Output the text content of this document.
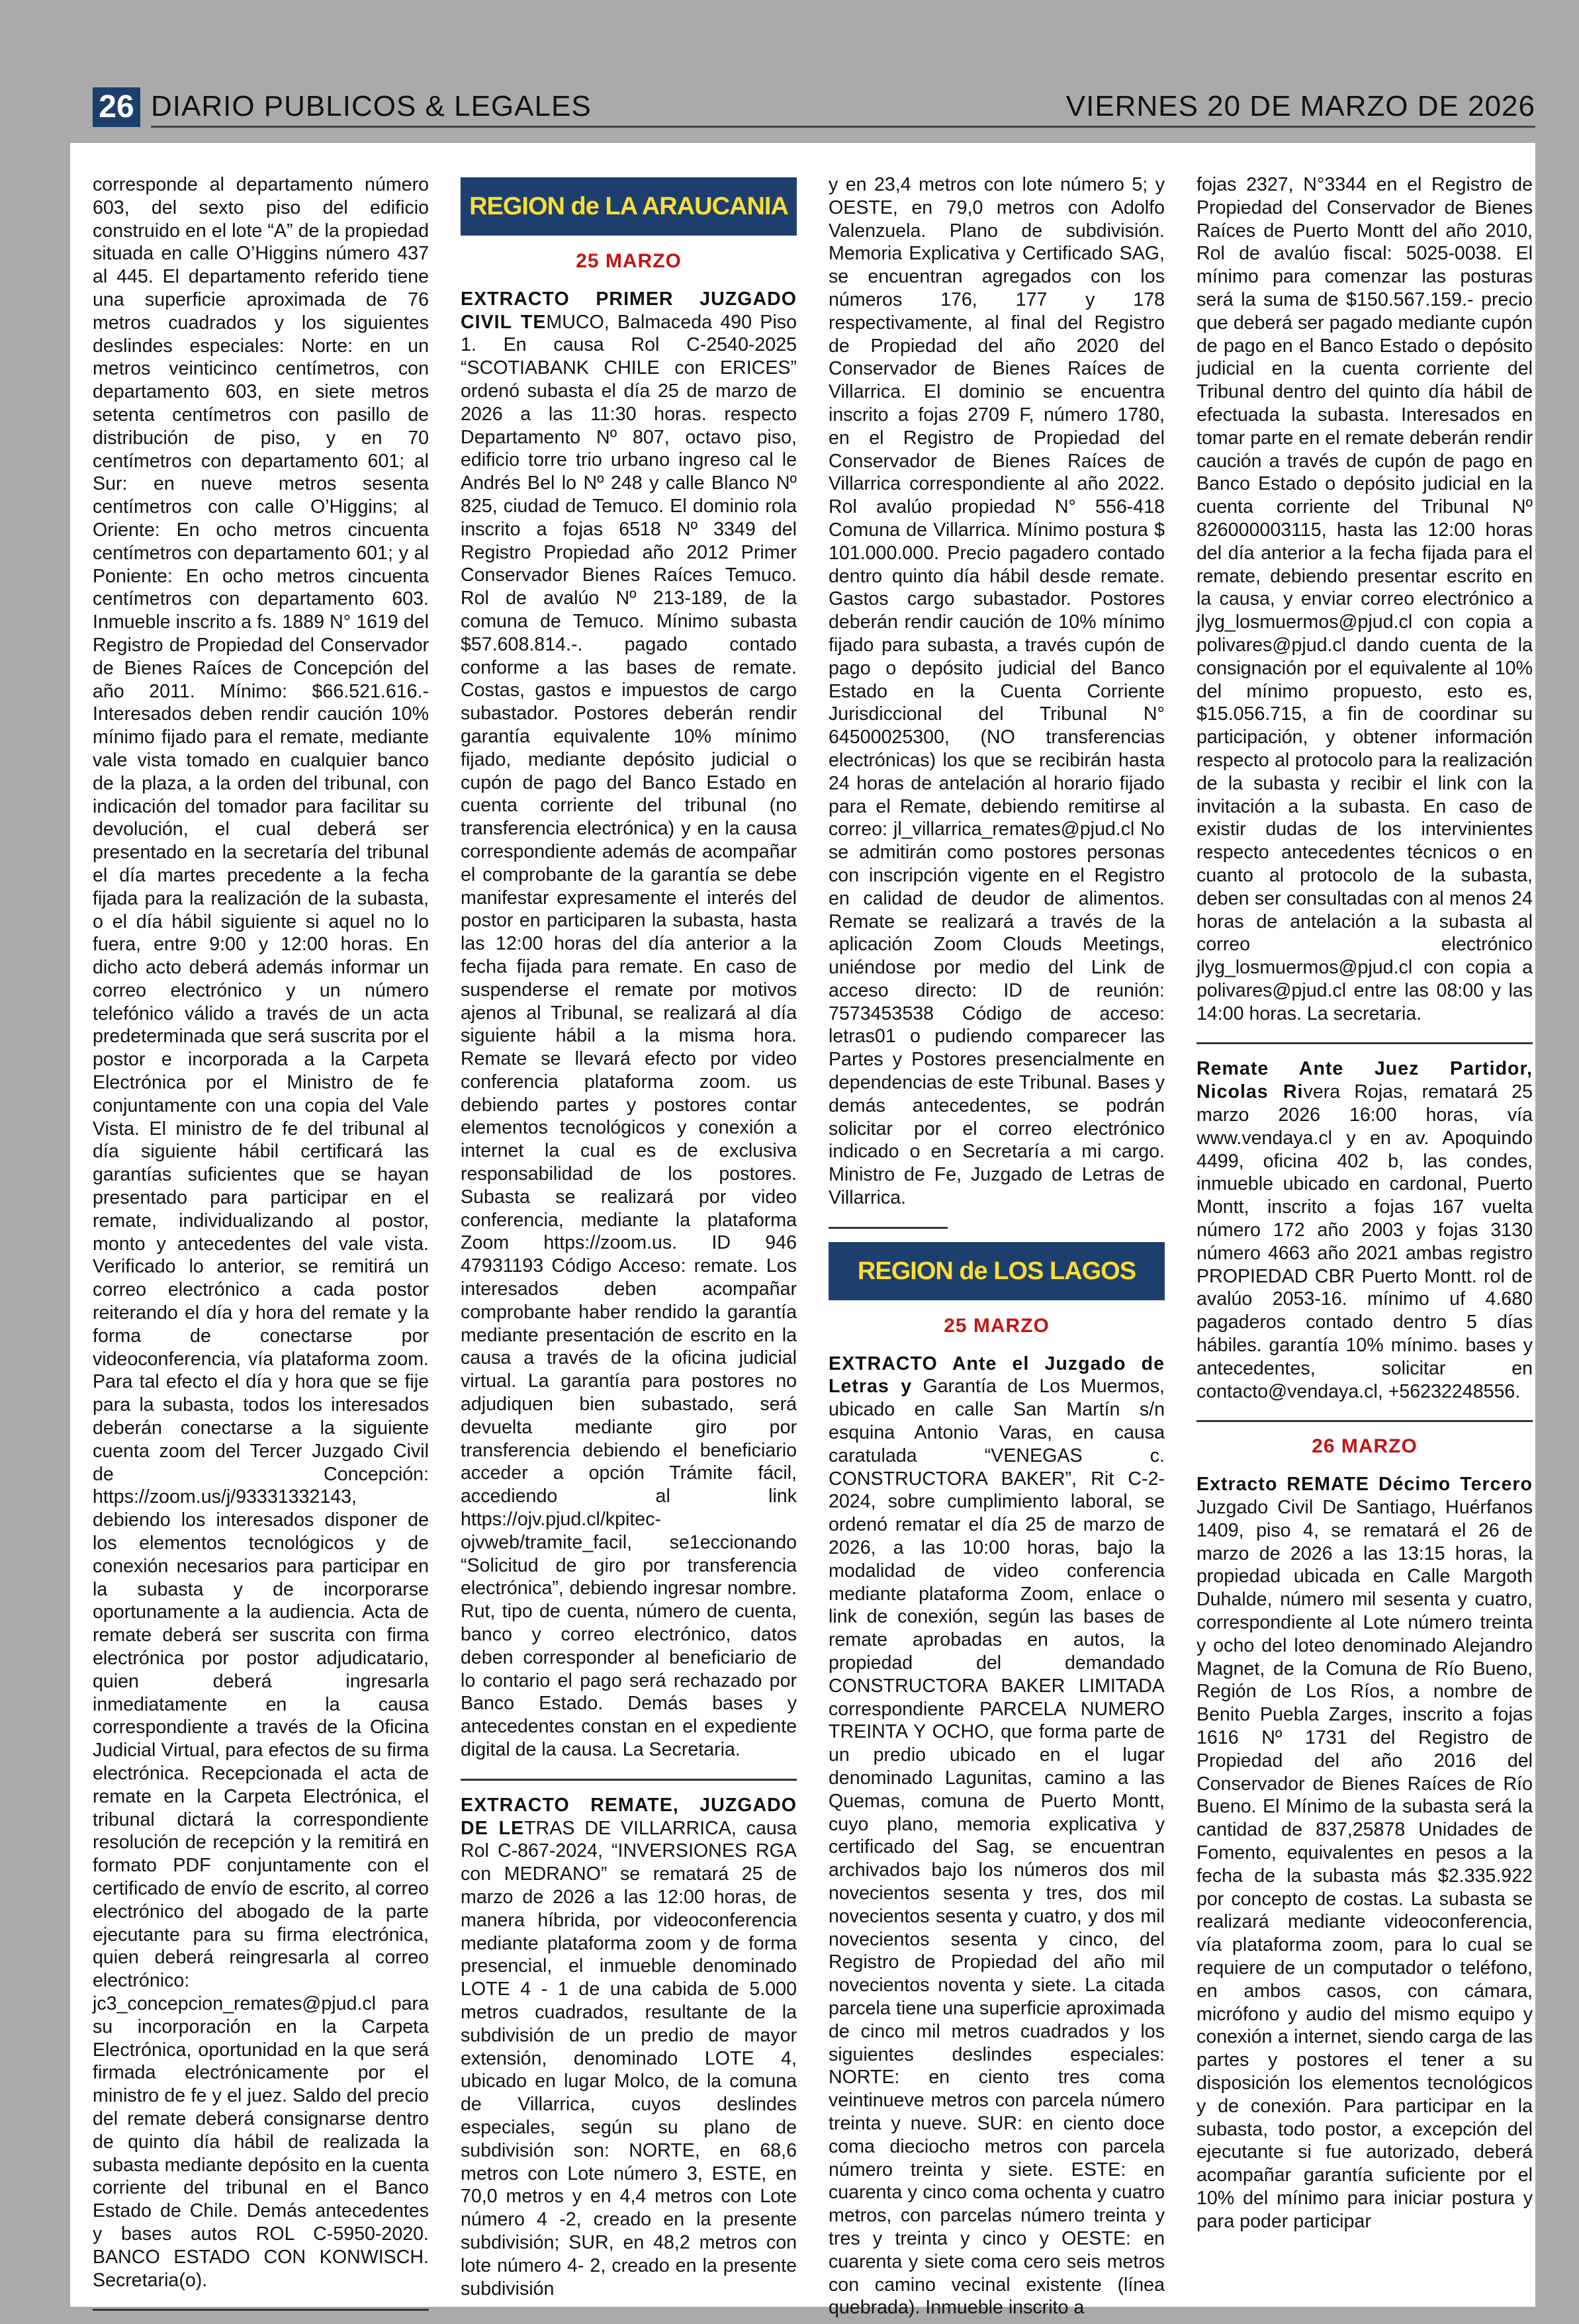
26 DIARIO PUBLICOS & LEGALES	VIERNES 20 DE MARZO DE 2026

corresponde al departamento número 603, del sexto piso del edificio construido en el lote “A” de la propiedad situada en calle O’Higgins número 437 al 445. El departamento referido tiene una superficie aproximada de 76 metros cuadrados y los siguientes deslindes especiales: Norte: en un metros veinticinco centímetros, con departamento 603, en siete metros setenta centímetros con pasillo de distribución de piso, y en 70 centímetros con departamento 601; al Sur: en nueve metros sesenta centímetros con calle O’Higgins; al Oriente: En ocho metros cincuenta centímetros con departamento 601; y al Poniente: En ocho metros cincuenta centímetros con departamento 603. Inmueble inscrito a fs. 1889 N° 1619 del Registro de Propiedad del Conservador de Bienes Raíces de Concepción del año 2011. Mínimo: $66.521.616.- Interesados deben rendir caución 10% mínimo fijado para el remate, mediante vale vista tomado en cualquier banco de la plaza, a la orden del tribunal, con indicación del tomador para facilitar su devolución, el cual deberá ser presentado en la secretaría del tribunal el día martes precedente a la fecha fijada para la realización de la subasta, o el día hábil siguiente si aquel no lo fuera, entre 9:00 y 12:00 horas. En dicho acto deberá además informar un correo electrónico y un número telefónico válido a través de un acta predeterminada que será suscrita por el postor e incorporada a la Carpeta Electrónica por el Ministro de fe conjuntamente con una copia del Vale Vista. El ministro de fe del tribunal al día siguiente hábil certificará las garantías suficientes que se hayan presentado para participar en el remate, individualizando al postor, monto y antecedentes del vale vista. Verificado lo anterior, se remitirá un correo electrónico a cada postor reiterando el día y hora del remate y la forma de conectarse por videoconferencia, vía plataforma zoom. Para tal efecto el día y hora que se fije para la subasta, todos los interesados deberán conectarse a la siguiente cuenta zoom del Tercer Juzgado Civil de Concepción: https://zoom.us/j/93331332143, debiendo los interesados disponer de los elementos tecnológicos y de conexión necesarios para participar en la subasta y de incorporarse oportunamente a la audiencia. Acta de remate deberá ser suscrita con firma electrónica por postor adjudicatario, quien deberá ingresarla inmediatamente en la causa correspondiente a través de la Oficina Judicial Virtual, para efectos de su firma electrónica. Recepcionada el acta de remate en la Carpeta Electrónica, el tribunal dictará la correspondiente resolución de recepción y la remitirá en formato PDF conjuntamente con el certificado de envío de escrito, al correo electrónico del abogado de la parte ejecutante para su firma electrónica, quien deberá reingresarla al correo electrónico: jc3_concepcion_remates@pjud.cl para su incorporación en la Carpeta Electrónica, oportunidad en la que será firmada electrónicamente por el ministro de fe y el juez. Saldo del precio del remate deberá consignarse dentro de quinto día hábil de realizada la subasta mediante depósito en la cuenta corriente del tribunal en el Banco Estado de Chile. Demás antecedentes y bases autos ROL C-5950-2020. BANCO ESTADO CON KONWISCH. Secretaria(o).

REGION de LA ARAUCANIA
25 MARZO

EXTRACTO PRIMER JUZGADO CIVIL TEMUCO, Balmaceda 490 Piso 1. En causa Rol C-2540-2025 “SCOTIABANK CHILE con ERICES” ordenó subasta el día 25 de marzo de 2026 a las 11:30 horas. respecto Departamento Nº 807, octavo piso, edificio torre trio urbano ingreso cal le Andrés Bel lo Nº 248 y calle Blanco Nº 825, ciudad de Temuco. El dominio rola inscrito a fojas 6518 Nº 3349 del Registro Propiedad año 2012 Primer Conservador Bienes Raíces Temuco. Rol de avalúo Nº 213-189, de la comuna de Temuco. Mínimo subasta $57.608.814.-. pagado contado conforme a las bases de remate. Costas, gastos e impuestos de cargo subastador. Postores deberán rendir garantía equivalente 10% mínimo fijado, mediante depósito judicial o cupón de pago del Banco Estado en cuenta corriente del tribunal (no transferencia electrónica) y en la causa correspondiente además de acompañar el comprobante de la garantía se debe manifestar expresamente el interés del postor en participaren la subasta, hasta las 12:00 horas del día anterior a la fecha fijada para remate. En caso de suspenderse el remate por motivos ajenos al Tribunal, se realizará al día siguiente hábil a la misma hora. Remate se llevará efecto por video conferencia plataforma zoom. us debiendo partes y postores contar elementos tecnológicos y conexión a internet la cual es de exclusiva responsabilidad de los postores. Subasta se realizará por video conferencia, mediante la plataforma Zoom https://zoom.us. ID 946 47931193 Código Acceso: remate. Los interesados deben acompañar comprobante haber rendido la garantía mediante presentación de escrito en la causa a través de la oficina judicial virtual. La garantía para postores no adjudiquen bien subastado, será devuelta mediante giro por transferencia debiendo el beneficiario acceder a opción Trámite fácil, accediendo al link https://ojv.pjud.cl/kpitec-ojvweb/tramite_facil, se1eccionando “Solicitud de giro por transferencia electrónica”, debiendo ingresar nombre. Rut, tipo de cuenta, número de cuenta, banco y correo electrónico, datos deben corresponder al beneficiario de lo contario el pago será rechazado por Banco Estado. Demás bases y antecedentes constan en el expediente digital de la causa. La Secretaria.

EXTRACTO REMATE, JUZGADO DE LETRAS DE VILLARRICA, causa Rol C-867-2024, “INVERSIONES RGA con MEDRANO” se rematará 25 de marzo de 2026 a las 12:00 horas, de manera híbrida, por videoconferencia mediante plataforma zoom y de forma presencial, el inmueble denominado LOTE 4 - 1 de una cabida de 5.000 metros cuadrados, resultante de la subdivisión de un predio de mayor extensión, denominado LOTE 4, ubicado en lugar Molco, de la comuna de Villarrica, cuyos deslindes especiales, según su plano de subdivisión son: NORTE, en 68,6 metros con Lote número 3, ESTE, en 70,0 metros y en 4,4 metros con Lote número 4 -2, creado en la presente subdivisión; SUR, en 48,2 metros con lote número 4- 2, creado en la presente subdivisión

y en 23,4 metros con lote número 5; y OESTE, en 79,0 metros con Adolfo Valenzuela. Plano de subdivisión. Memoria Explicativa y Certificado SAG, se encuentran agregados con los números 176, 177 y 178 respectivamente, al final del Registro de Propiedad del año 2020 del Conservador de Bienes Raíces de Villarrica. El dominio se encuentra inscrito a fojas 2709 F, número 1780, en el Registro de Propiedad del Conservador de Bienes Raíces de Villarrica correspondiente al año 2022. Rol avalúo propiedad N° 556-418 Comuna de Villarrica. Mínimo postura $ 101.000.000. Precio pagadero contado dentro quinto día hábil desde remate. Gastos cargo subastador. Postores deberán rendir caución de 10% mínimo fijado para subasta, a través cupón de pago o depósito judicial del Banco Estado en la Cuenta Corriente Jurisdiccional del Tribunal N° 64500025300, (NO transferencias electrónicas) los que se recibirán hasta 24 horas de antelación al horario fijado para el Remate, debiendo remitirse al correo: jl_villarrica_remates@pjud.cl No se admitirán como postores personas con inscripción vigente en el Registro en calidad de deudor de alimentos. Remate se realizará a través de la aplicación Zoom Clouds Meetings, uniéndose por medio del Link de acceso directo: ID de reunión: 7573453538 Código de acceso: letras01 o pudiendo comparecer las Partes y Postores presencialmente en dependencias de este Tribunal. Bases y demás antecedentes, se podrán solicitar por el correo electrónico indicado o en Secretaría a mi cargo. Ministro de Fe, Juzgado de Letras de Villarrica.

REGION de LOS LAGOS
25 MARZO

EXTRACTO Ante el Juzgado de Letras y Garantía de Los Muermos, ubicado en calle San Martín s/n esquina Antonio Varas, en causa caratulada “VENEGAS c. CONSTRUCTORA BAKER”, Rit C-2-2024, sobre cumplimiento laboral, se ordenó rematar el día 25 de marzo de 2026, a las 10:00 horas, bajo la modalidad de video conferencia mediante plataforma Zoom, enlace o link de conexión, según las bases de remate aprobadas en autos, la propiedad del demandado CONSTRUCTORA BAKER LIMITADA correspondiente PARCELA NUMERO TREINTA Y OCHO, que forma parte de un predio ubicado en el lugar denominado Lagunitas, camino a las Quemas, comuna de Puerto Montt, cuyo plano, memoria explicativa y certificado del Sag, se encuentran archivados bajo los números dos mil novecientos sesenta y tres, dos mil novecientos sesenta y cuatro, y dos mil novecientos sesenta y cinco, del Registro de Propiedad del año mil novecientos noventa y siete. La citada parcela tiene una superficie aproximada de cinco mil metros cuadrados y los siguientes deslindes especiales: NORTE: en ciento tres coma veintinueve metros con parcela número treinta y nueve. SUR: en ciento doce coma dieciocho metros con parcela número treinta y siete. ESTE: en cuarenta y cinco coma ochenta y cuatro metros, con parcelas número treinta y tres y treinta y cinco y OESTE: en cuarenta y siete coma cero seis metros con camino vecinal existente (línea quebrada). Inmueble inscrito a

fojas 2327, N°3344 en el Registro de Propiedad del Conservador de Bienes Raíces de Puerto Montt del año 2010, Rol de avalúo fiscal: 5025-0038. El mínimo para comenzar las posturas será la suma de $150.567.159.- precio que deberá ser pagado mediante cupón de pago en el Banco Estado o depósito judicial en la cuenta corriente del Tribunal dentro del quinto día hábil de efectuada la subasta. Interesados en tomar parte en el remate deberán rendir caución a través de cupón de pago en Banco Estado o depósito judicial en la cuenta corriente del Tribunal Nº 826000003115, hasta las 12:00 horas del día anterior a la fecha fijada para el remate, debiendo presentar escrito en la causa, y enviar correo electrónico a jlyg_losmuermos@pjud.cl con copia a polivares@pjud.cl dando cuenta de la consignación por el equivalente al 10% del mínimo propuesto, esto es, $15.056.715, a fin de coordinar su participación, y obtener información respecto al protocolo para la realización de la subasta y recibir el link con la invitación a la subasta. En caso de existir dudas de los intervinientes respecto antecedentes técnicos o en cuanto al protocolo de la subasta, deben ser consultadas con al menos 24 horas de antelación a la subasta al correo electrónico jlyg_losmuermos@pjud.cl con copia a polivares@pjud.cl entre las 08:00 y las 14:00 horas. La secretaria.

Remate Ante Juez Partidor, Nicolas Rivera Rojas, rematará 25 marzo 2026 16:00 horas, vía www.vendaya.cl y en av. Apoquindo 4499, oficina 402 b, las condes, inmueble ubicado en cardonal, Puerto Montt, inscrito a fojas 167 vuelta número 172 año 2003 y fojas 3130 número 4663 año 2021 ambas registro PROPIEDAD CBR Puerto Montt. rol de avalúo 2053-16. mínimo uf 4.680 pagaderos contado dentro 5 días hábiles. garantía 10% mínimo. bases y antecedentes, solicitar en contacto@vendaya.cl, +56232248556.

26 MARZO

Extracto REMATE Décimo Tercero Juzgado Civil De Santiago, Huérfanos 1409, piso 4, se rematará el 26 de marzo de 2026 a las 13:15 horas, la propiedad ubicada en Calle Margoth Duhalde, número mil sesenta y cuatro, correspondiente al Lote número treinta y ocho del loteo denominado Alejandro Magnet, de la Comuna de Río Bueno, Región de Los Ríos, a nombre de Benito Puebla Zarges, inscrito a fojas 1616 Nº 1731 del Registro de Propiedad del año 2016 del Conservador de Bienes Raíces de Río Bueno. El Mínimo de la subasta será la cantidad de 837,25878 Unidades de Fomento, equivalentes en pesos a la fecha de la subasta más $2.335.922 por concepto de costas. La subasta se realizará mediante videoconferencia, vía plataforma zoom, para lo cual se requiere de un computador o teléfono, en ambos casos, con cámara, micrófono y audio del mismo equipo y conexión a internet, siendo carga de las partes y postores el tener a su disposición los elementos tecnológicos y de conexión. Para participar en la subasta, todo postor, a excepción del ejecutante si fue autorizado, deberá acompañar garantía suficiente por el 10% del mínimo para iniciar postura y para poder participar
